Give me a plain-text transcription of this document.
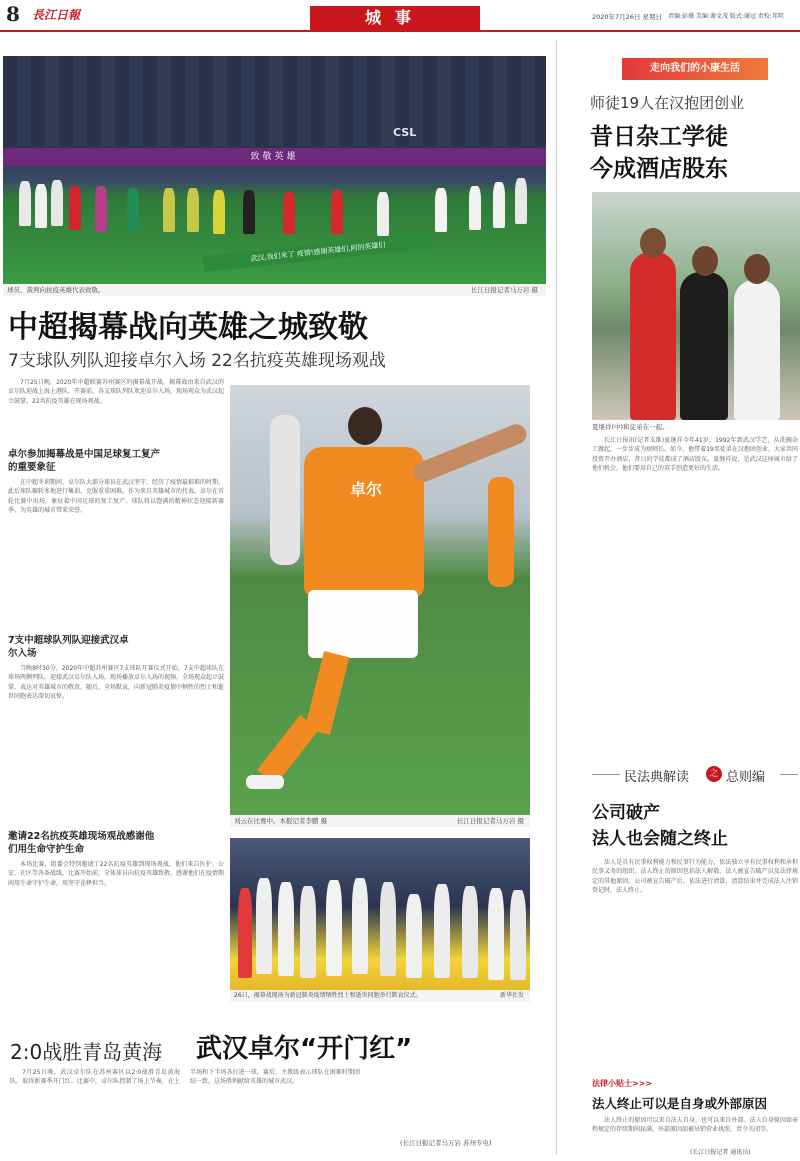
8 長江日報	城事	2020年7月26日 星期日 责编:彭薇 美编:谢文茂 版式:谢冠 责校:邦明
CSL
致敬英雄
武汉,我们来了 疫情!感谢英雄们,阿的英雄们
球员、裁判向抗疫英雄代表致敬。	长江日报记者马万岩 摄
中超揭幕战向英雄之城致敬
7支球队列队迎接卓尔入场 22名抗疫英雄现场观战
7月25日晚，2020年中超联赛苏州赛区的揭幕战开战。揭幕战由来自武汉的卓尔队迎战上海上港队。开赛前，各支球队列队欢迎卓尔入场，现场观众为武汉起立鼓掌，22名抗疫英雄在现场观战。
卓尔参加揭幕战是中国足球复工复产的重要象征
在中超冬训期间，卓尔队大部分球员在武汉坚守，经历了疫情最艰难的时期。此后球队辗转多地进行集训，克服重重困难。作为来自英雄城市的代表，卓尔在首轮比赛中出场，象征着中国足球的复工复产。球队将以饱满的精神状态迎接新赛季，为英雄的城市带来荣誉。
7支中超球队列队迎接武汉卓尔入场
当晚8时30分，2020年中超苏州赛区7支球队开赛仪式开始，7支中超球队在球场两侧列队，迎接武汉卓尔队入场，现场播放卓尔入场的视频，全场观众起立鼓掌，表达对英雄城市的敬意。随后，全场默哀，向新冠肺炎疫情中牺牲的烈士和逝世同胞表达深切哀悼。
邀请22名抗疫英雄现场观战感谢他们用生命守护生命
本场比赛，组委会特别邀请了22名抗疫英雄到现场观战，他们来自医护、公安、社区等各条战线。比赛开始前，全体球员向抗疫英雄致敬，感谢他们在疫情期间用生命守护生命，用坚守诠释担当。
卓尔
刘云在比赛中。本报记者李鹏 摄	长江日报记者马万岩 摄
26日，揭幕战现场为新冠肺炎疫情牺牲烈士和逝世同胞举行默哀仪式。	新华社发
2:0战胜青岛黄海 武汉卓尔“开门红”
7月25日晚，武汉卓尔队在苏州赛区以2:0战胜青岛黄海队，取得新赛季开门红。比赛中，卓尔队控制了场上节奏，在上半场和下半场各打进一球。赛后，主教练表示球队在困难时期团结一致，这场胜利献给英雄的城市武汉。
(长江日报记者马万岩 苏州专电)
走向我们的小康生活
师徒19人在汉抱团创业
昔日杂工学徒
今成酒店股东
夏继祥(中)和徒弟在一起。
长江日报讯(记者支维)夏继祥今年41岁，1992年到武汉学艺，从洗碗杂工做起，一步步成为厨师长。如今，他带着19名徒弟在汉抱团创业，大家共同投资开办酒店，昔日的学徒都成了酒店股东。夏继祥说，是武汉这座城市给了他们机会，他们要用自己的双手创造更好的生活。
民法典解读	之 总则编
公司破产
法人也会随之终止
法人是具有民事权利能力和民事行为能力，依法独立享有民事权利和承担民事义务的组织。法人终止的原因包括法人解散、法人被宣告破产以及法律规定的其他原因。公司被宣告破产后，依法进行清算，清算结束并完成法人注销登记时，法人终止。
法律小贴士>>>
法人终止可以是自身或外部原因
法人终止的原因可以来自法人自身，也可以来自外部。法人自身原因如章程规定的存续期间届满，外部原因如被吊销营业执照、责令关闭等。
(长江日报记者 通讯员)
